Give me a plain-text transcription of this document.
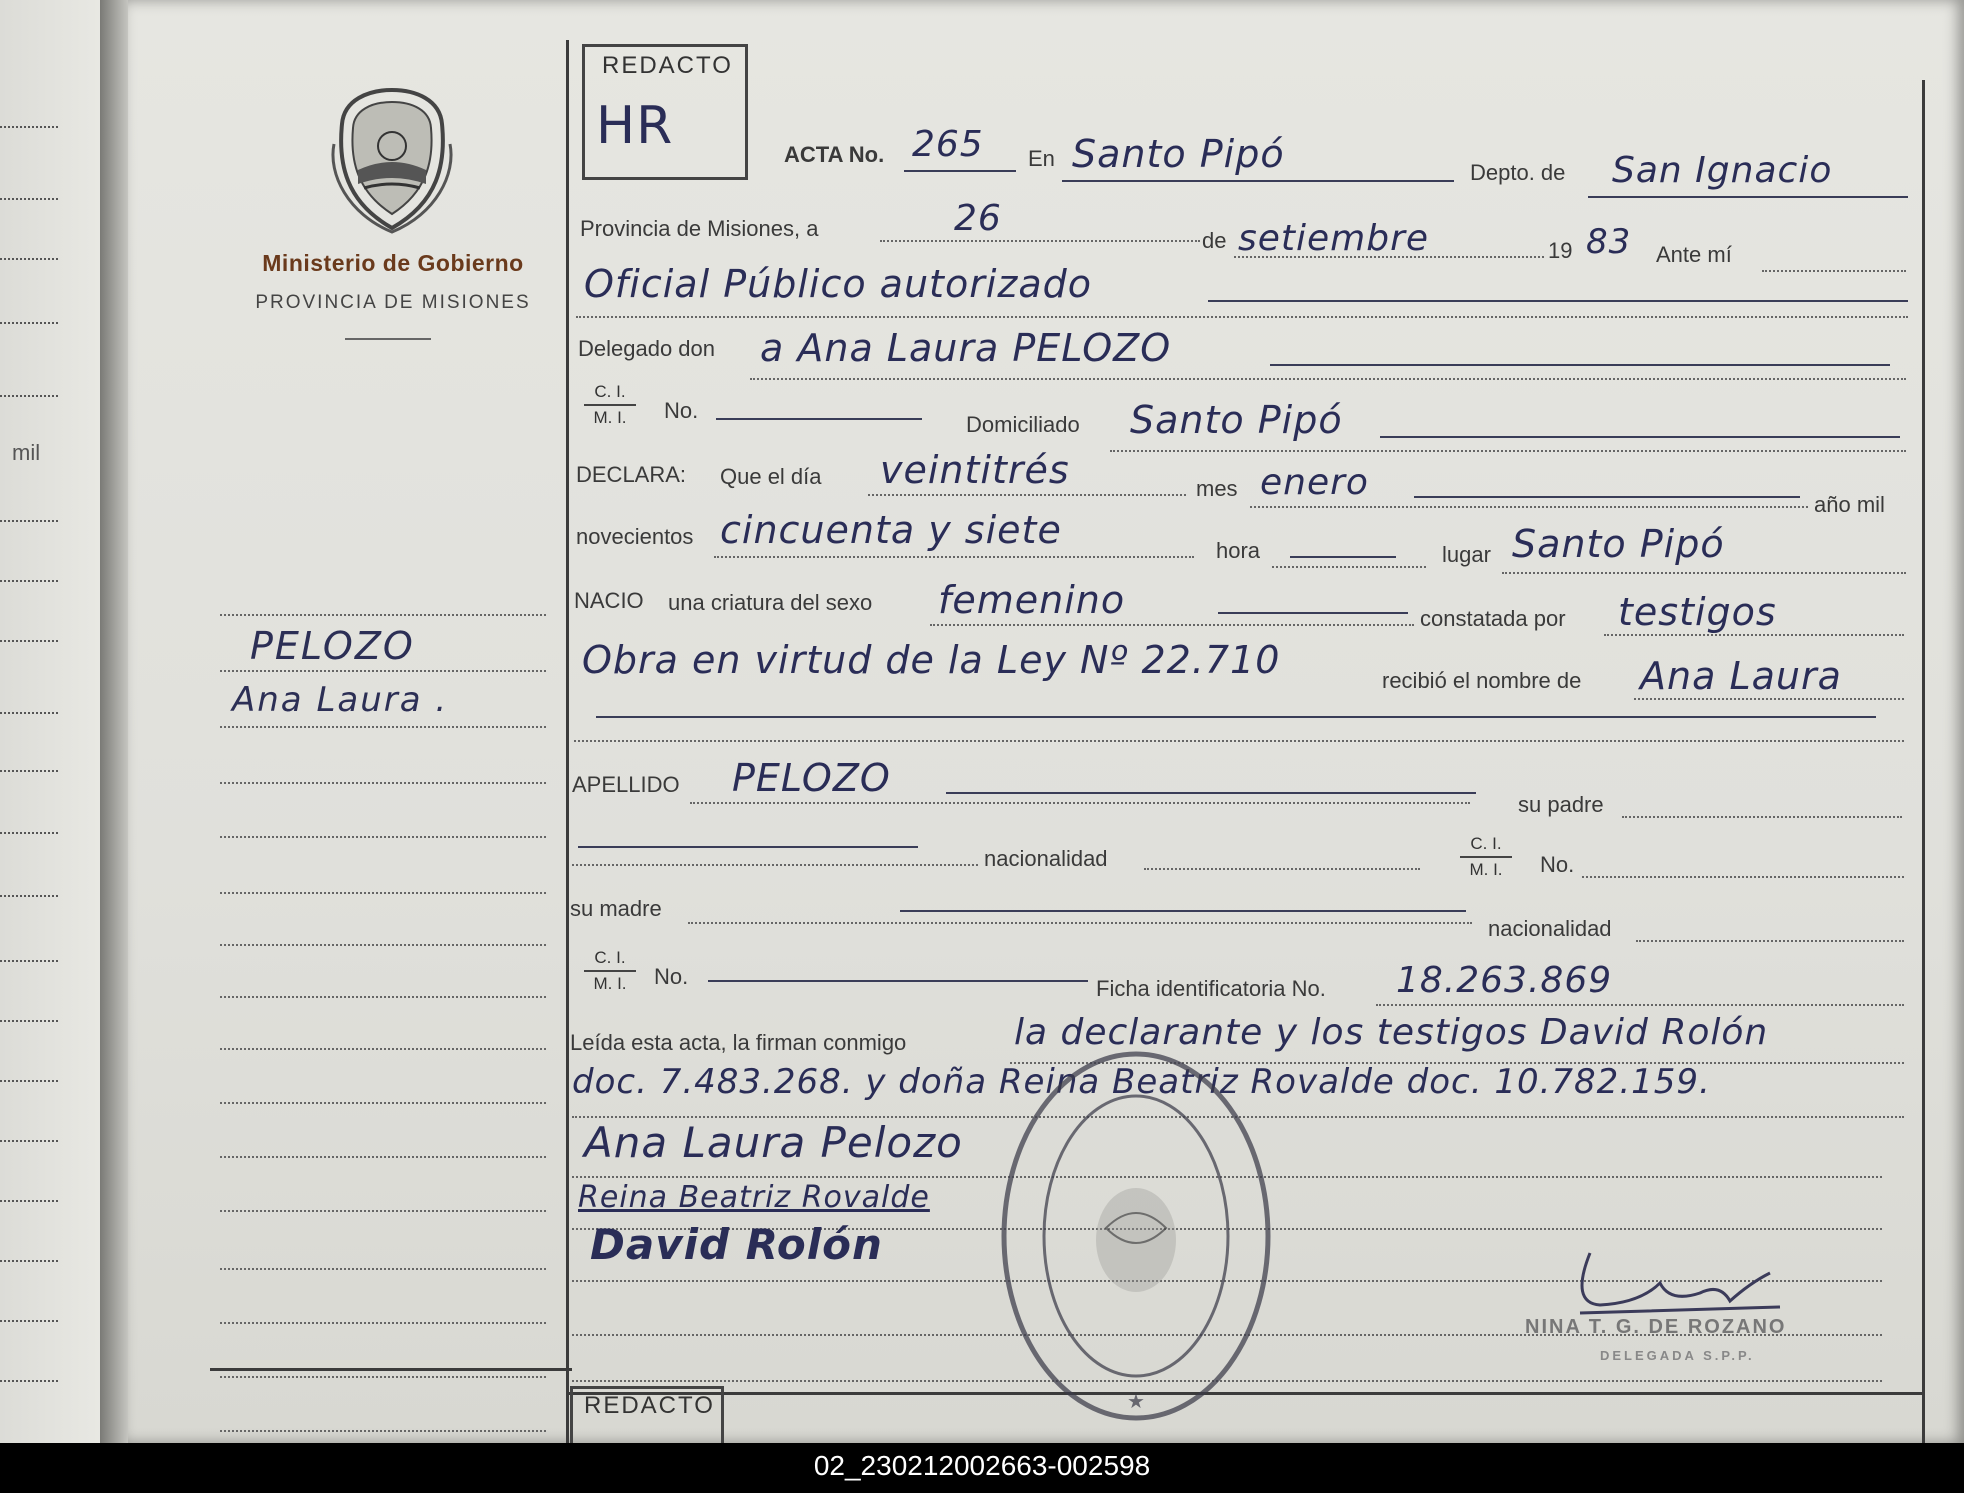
mil
Ministerio de Gobierno
PROVINCIA DE MISIONES
PELOZO
Ana Laura .
REDACTO
HR	ACTA No. 265 En Santo Pipó	Depto. de San Ignacio
Provincia de Misiones, a	26
de setiembre	19 83 Ante mí
Oficial Público autorizado
Delegado don a Ana Laura PELOZO
C. I.
M. I.	No.
Domiciliado Santo Pipó
DECLARA: Que el día veintitrés	mes enero
año mil
novecientos cincuenta y siete	hora	lugar Santo Pipó
NACIO una criatura del sexo femenino	constatada por testigos
Obra en virtud de la Ley Nº 22.710	recibió el nombre de Ana Laura
APELLIDO PELOZO
su padre
nacionalidad
C. I.
M. I.	No.
su madre
nacionalidad
C. I.
M. I.	No.	Ficha identificatoria No. 18.263.869
Leída esta acta, la firman conmigo	la declarante y los testigos David Rolón
doc. 7.483.268. y doña Reina Beatriz Rovalde doc. 10.782.159.
Ana Laura Pelozo
Reina Beatriz Rovalde
David Rolón
★
NINA T. G. DE ROZANO
DELEGADA S.P.P.
REDACTO
02_230212002663-002598
